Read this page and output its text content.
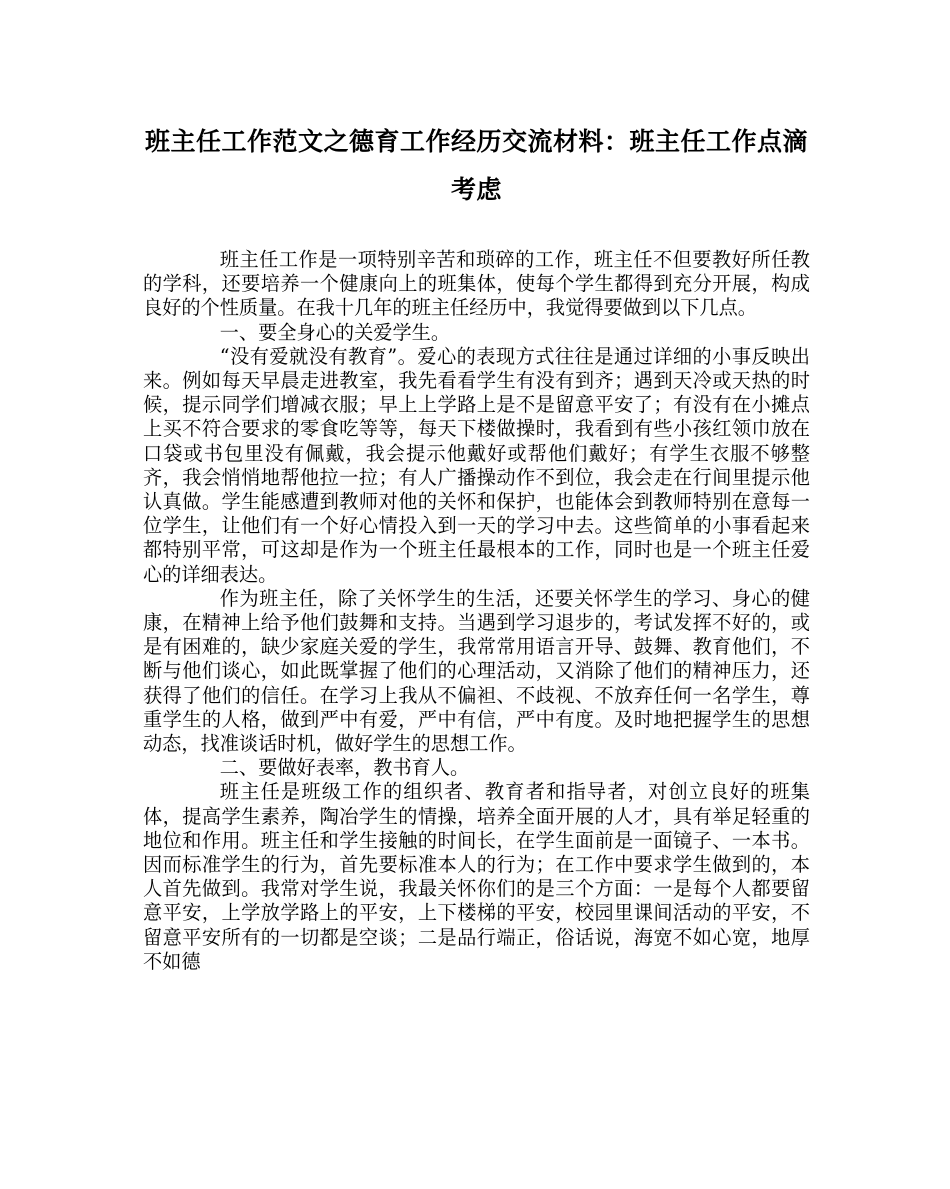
班主任工作范文之德育工作经历交流材料：班主任工作点滴考虑

班主任工作是一项特别辛苦和琐碎的工作，班主任不但要教好所任教的学科，还要培养一个健康向上的班集体，使每个学生都得到充分开展，构成良好的个性质量。在我十几年的班主任经历中，我觉得要做到以下几点。

一、要全身心的关爱学生。

“没有爱就没有教育”。爱心的表现方式往往是通过详细的小事反映出来。例如每天早晨走进教室，我先看看学生有没有到齐；遇到天冷或天热的时候，提示同学们增减衣服；早上上学路上是不是留意平安了；有没有在小摊点上买不符合要求的零食吃等等，每天下楼做操时，我看到有些小孩红领巾放在口袋或书包里没有佩戴，我会提示他戴好或帮他们戴好；有学生衣服不够整齐，我会悄悄地帮他拉一拉；有人广播操动作不到位，我会走在行间里提示他认真做。学生能感遭到教师对他的关怀和保护，也能体会到教师特别在意每一位学生，让他们有一个好心情投入到一天的学习中去。这些简单的小事看起来都特别平常，可这却是作为一个班主任最根本的工作，同时也是一个班主任爱心的详细表达。

作为班主任，除了关怀学生的生活，还要关怀学生的学习、身心的健康，在精神上给予他们鼓舞和支持。当遇到学习退步的，考试发挥不好的，或是有困难的，缺少家庭关爱的学生，我常常用语言开导、鼓舞、教育他们，不断与他们谈心，如此既掌握了他们的心理活动，又消除了他们的精神压力，还获得了他们的信任。在学习上我从不偏袒、不歧视、不放弃任何一名学生，尊重学生的人格，做到严中有爱，严中有信，严中有度。及时地把握学生的思想动态，找准谈话时机，做好学生的思想工作。

二、要做好表率，教书育人。

班主任是班级工作的组织者、教育者和指导者，对创立良好的班集体，提高学生素养，陶冶学生的情操，培养全面开展的人才，具有举足轻重的地位和作用。班主任和学生接触的时间长，在学生面前是一面镜子、一本书。因而标准学生的行为，首先要标准本人的行为；在工作中要求学生做到的，本人首先做到。我常对学生说，我最关怀你们的是三个方面：一是每个人都要留意平安，上学放学路上的平安，上下楼梯的平安，校园里课间活动的平安，不留意平安所有的一切都是空谈；二是品行端正，俗话说，海宽不如心宽，地厚不如德
